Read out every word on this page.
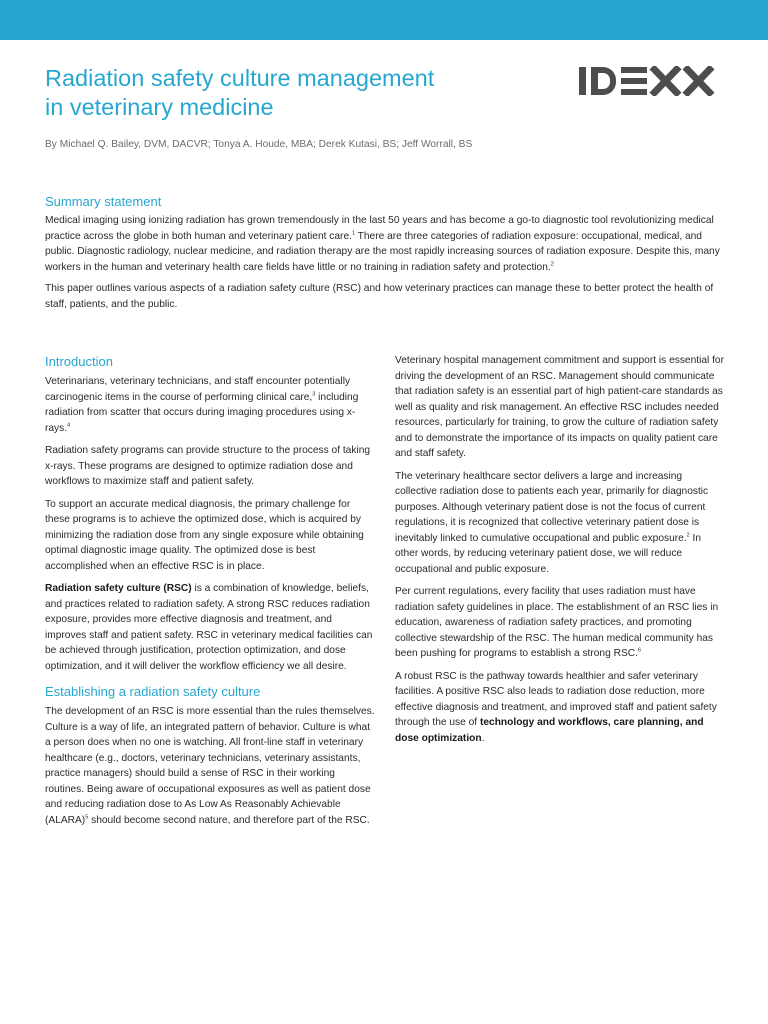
Radiation safety culture management
in veterinary medicine

By Michael Q. Bailey, DVM, DACVR; Tonya A. Houde, MBA; Derek Kutasi, BS; Jeff Worrall, BS

Summary statement

Medical imaging using ionizing radiation has grown tremendously in the last 50 years and has become a go-to diagnostic tool revolutionizing medical practice across the globe in both human and veterinary patient care.$^1$ There are three categories of radiation exposure: occupational, medical, and public. Diagnostic radiology, nuclear medicine, and radiation therapy are the most rapidly increasing sources of radiation exposure. Despite this, many workers in the human and veterinary health care fields have little or no training in radiation safety and protection.$^2$

This paper outlines various aspects of a radiation safety culture (RSC) and how veterinary practices can manage these to better protect the health of staff, patients, and the public.

Introduction

Veterinarians, veterinary technicians, and staff encounter potentially carcinogenic items in the course of performing clinical care,$^3$ including radiation from scatter that occurs during imaging procedures using x-rays.$^4$

Radiation safety programs can provide structure to the process of taking x-rays. These programs are designed to optimize radiation dose and workflows to maximize staff and patient safety.

To support an accurate medical diagnosis, the primary challenge for these programs is to achieve the optimized dose, which is acquired by minimizing the radiation dose from any single exposure while obtaining optimal diagnostic image quality. The optimized dose is best accomplished when an effective RSC is in place.

Radiation safety culture (RSC) is a combination of knowledge, beliefs, and practices related to radiation safety. A strong RSC reduces radiation exposure, provides more effective diagnosis and treatment, and improves staff and patient safety. RSC in veterinary medical facilities can be achieved through justification, protection optimization, and dose optimization, and it will deliver the workflow efficiency we all desire.

Establishing a radiation safety culture

The development of an RSC is more essential than the rules themselves. Culture is a way of life, an integrated pattern of behavior. Culture is what a person does when no one is watching. All front-line staff in veterinary healthcare (e.g., doctors, veterinary technicians, veterinary assistants, practice managers) should build a sense of RSC in their working routines. Being aware of occupational exposures as well as patient dose and reducing radiation dose to As Low As Reasonably Achievable (ALARA)$^5$ should become second nature, and therefore part of the RSC.

Veterinary hospital management commitment and support is essential for driving the development of an RSC. Management should communicate that radiation safety is an essential part of high patient-care standards as well as quality and risk management. An effective RSC includes needed resources, particularly for training, to grow the culture of radiation safety and to demonstrate the importance of its impacts on quality patient care and staff safety.

The veterinary healthcare sector delivers a large and increasing collective radiation dose to patients each year, primarily for diagnostic purposes. Although veterinary patient dose is not the focus of current regulations, it is recognized that collective veterinary patient dose is inevitably linked to cumulative occupational and public exposure.$^2$ In other words, by reducing veterinary patient dose, we will reduce occupational and public exposure.

Per current regulations, every facility that uses radiation must have radiation safety guidelines in place. The establishment of an RSC lies in education, awareness of radiation safety practices, and promoting collective stewardship of the RSC. The human medical community has been pushing for programs to establish a strong RSC.$^6$

A robust RSC is the pathway towards healthier and safer veterinary facilities. A positive RSC also leads to radiation dose reduction, more effective diagnosis and treatment, and improved staff and patient safety through the use of technology and workflows, care planning, and dose optimization.
